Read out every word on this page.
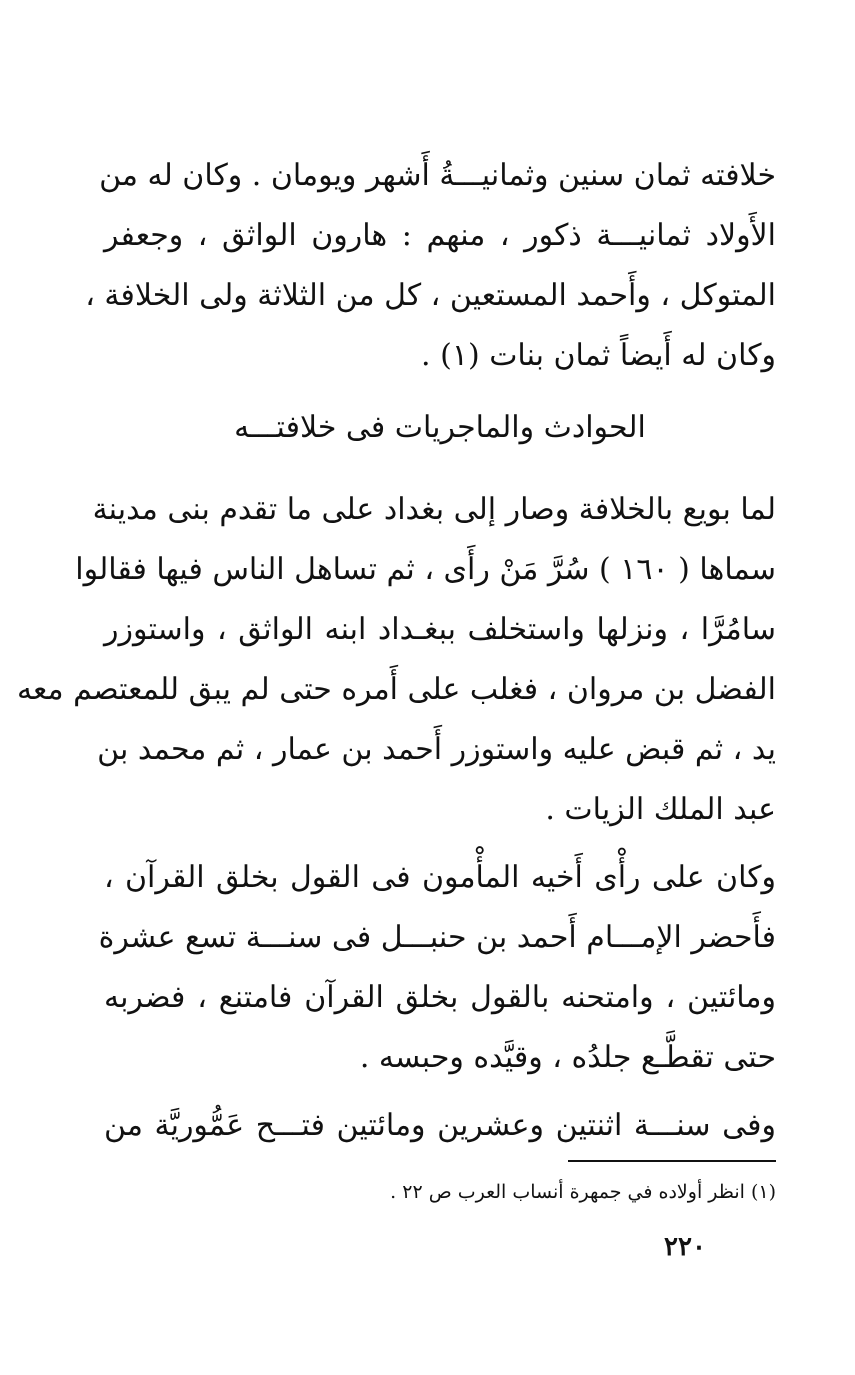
خلافته ثمان سنين وثمانيـــةُ أَشهر ويومان . وكان له من
الأَولاد ثمانيـــة ذكور ، منهم : هارون الواثق ، وجعفر
المتوكل ، وأَحمد المستعين ، كل من الثلاثة ولى الخلافة ،
وكان له أَيضاً ثمان بنات (١) .
الحوادث والماجريات فى خلافتـــه
لما بويع بالخلافة وصار إلى بغداد على ما تقدم بنى مدينة
سماها ( ١٦٠ ) سُرَّ مَنْ رأَى ، ثم تساهل الناس فيها فقالوا
سامُرَّا ، ونزلها واستخلف ببغـداد ابنه الواثق ، واستوزر
الفضل بن مروان ، فغلب على أَمره حتى لم يبق للمعتصم معه
يد ، ثم قبض عليه واستوزر أَحمد بن عمار ، ثم محمد بن
عبد الملك الزيات .
وكان على رأْى أَخيه المأْمون فى القول بخلق القرآن ،
فأَحضر الإمـــام أَحمد بن حنبـــل فى سنـــة تسع عشرة
ومائتين ، وامتحنه بالقول بخلق القرآن فامتنع ، فضربه
حتى تقطَّـع جلدُه ، وقيَّده وحبسه .
وفى سنـــة اثنتين وعشرين ومائتين فتـــح عَمُّوريَّة من
(١) انظر أولاده في جمهرة أنساب العرب ص ٢٢ .
٢٢٠
